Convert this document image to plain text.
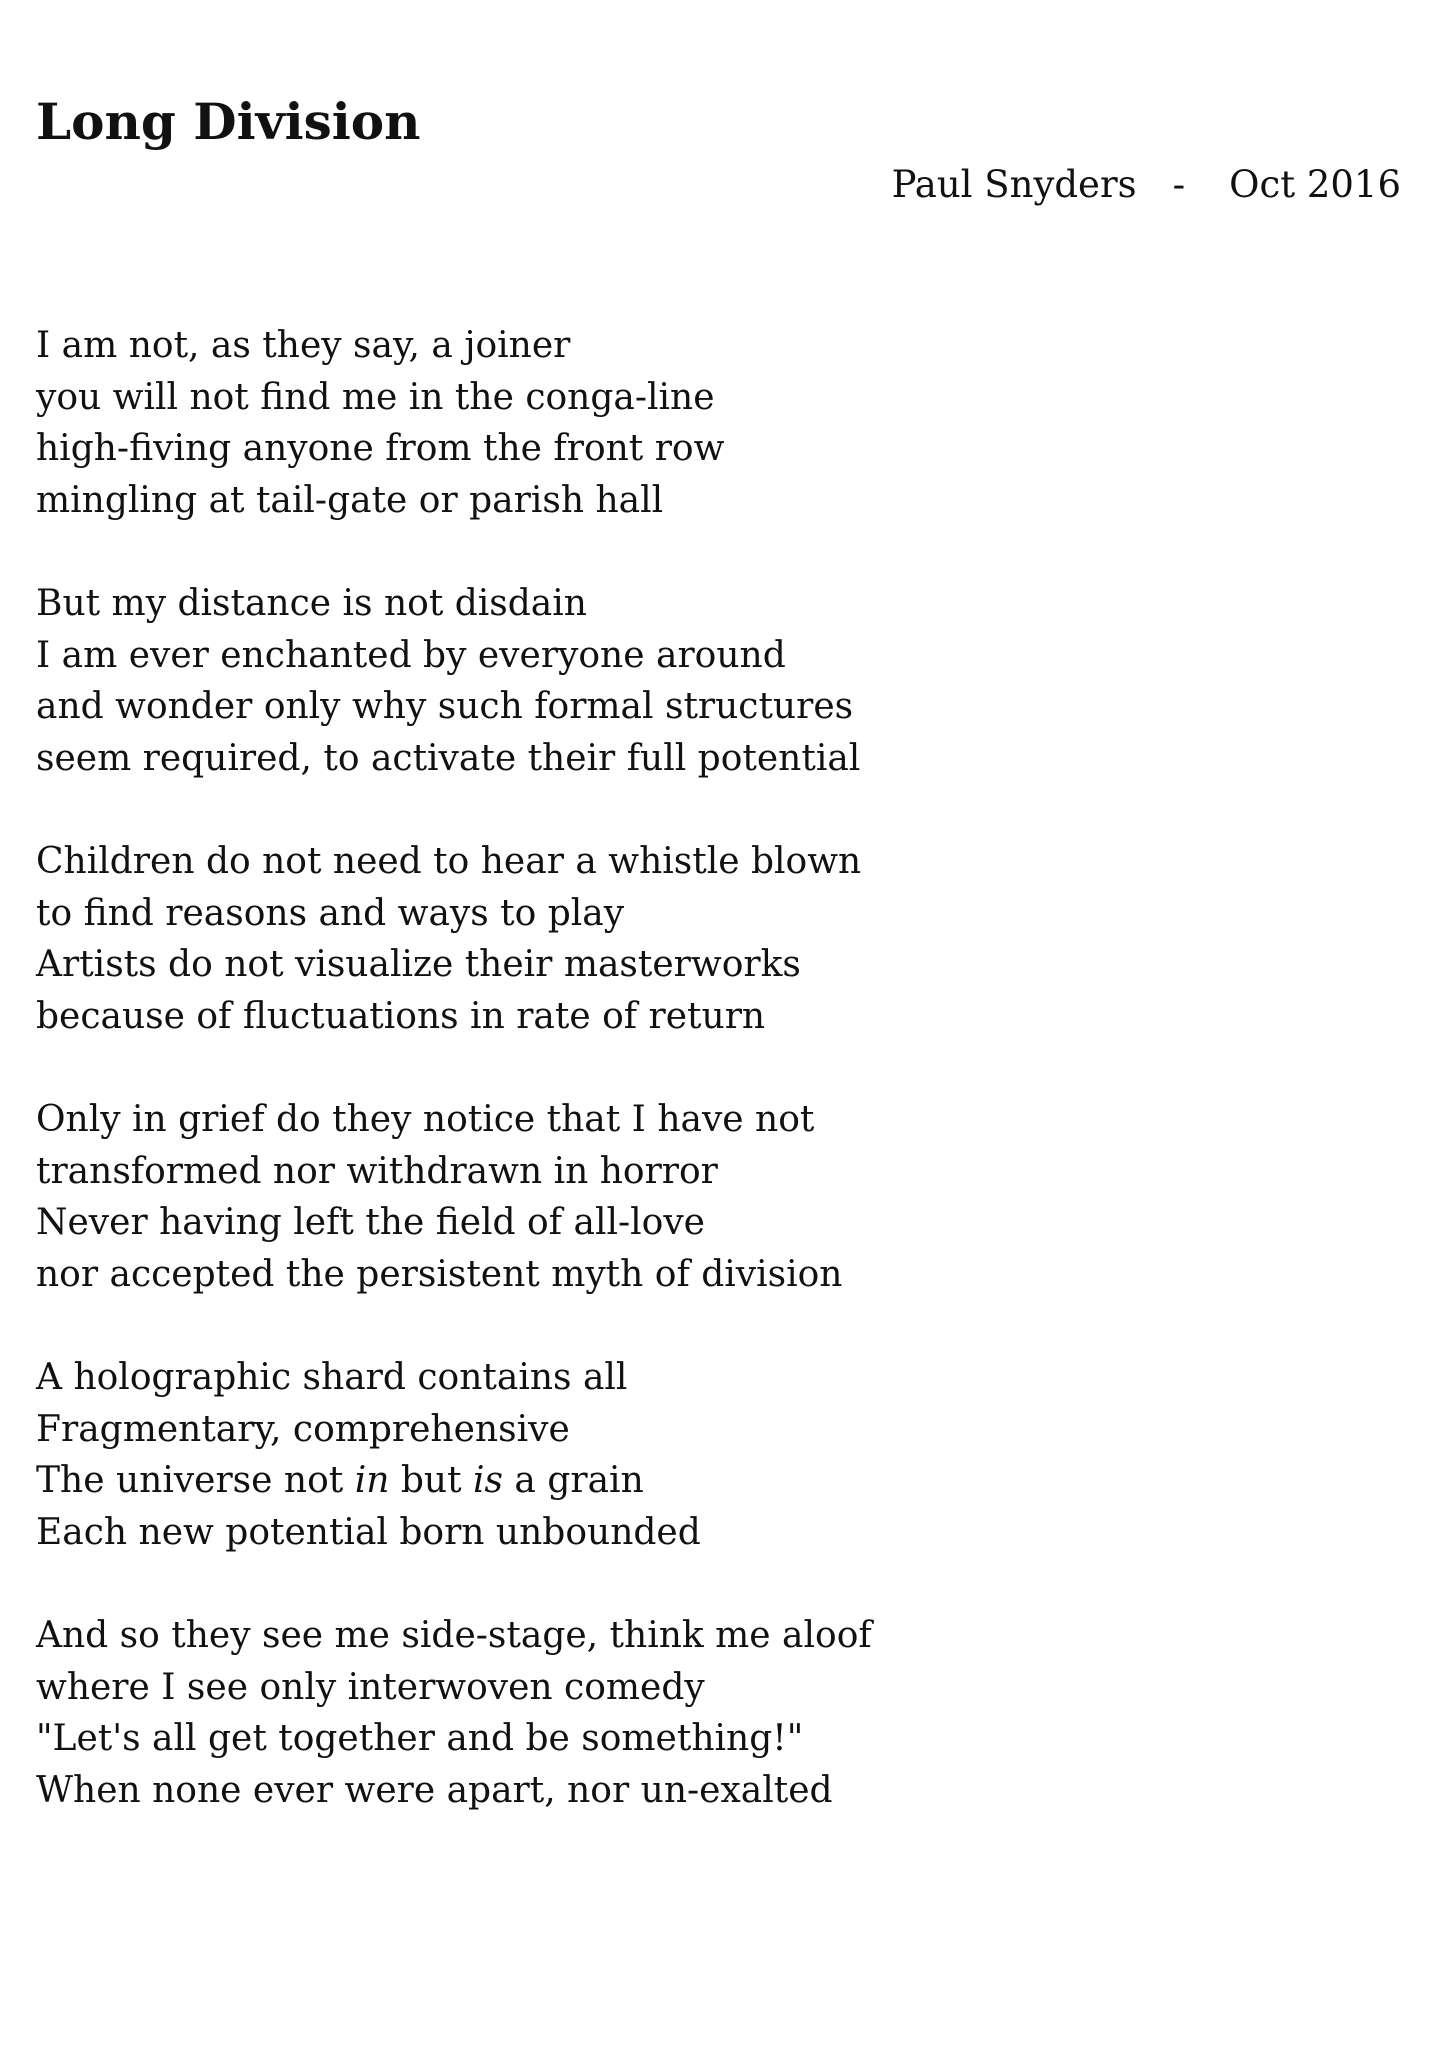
Long Division
Paul Snyders - Oct 2016
I am not, as they say, a joiner
you will not find me in the conga-line
high-fiving anyone from the front row
mingling at tail-gate or parish hall
But my distance is not disdain
I am ever enchanted by everyone around
and wonder only why such formal structures
seem required, to activate their full potential
Children do not need to hear a whistle blown
to find reasons and ways to play
Artists do not visualize their masterworks
because of fluctuations in rate of return
Only in grief do they notice that I have not
transformed nor withdrawn in horror
Never having left the field of all-love
nor accepted the persistent myth of division
A holographic shard contains all
Fragmentary, comprehensive
The universe not in but is a grain
Each new potential born unbounded
And so they see me side-stage, think me aloof
where I see only interwoven comedy
"Let's all get together and be something!"
When none ever were apart, nor un-exalted
